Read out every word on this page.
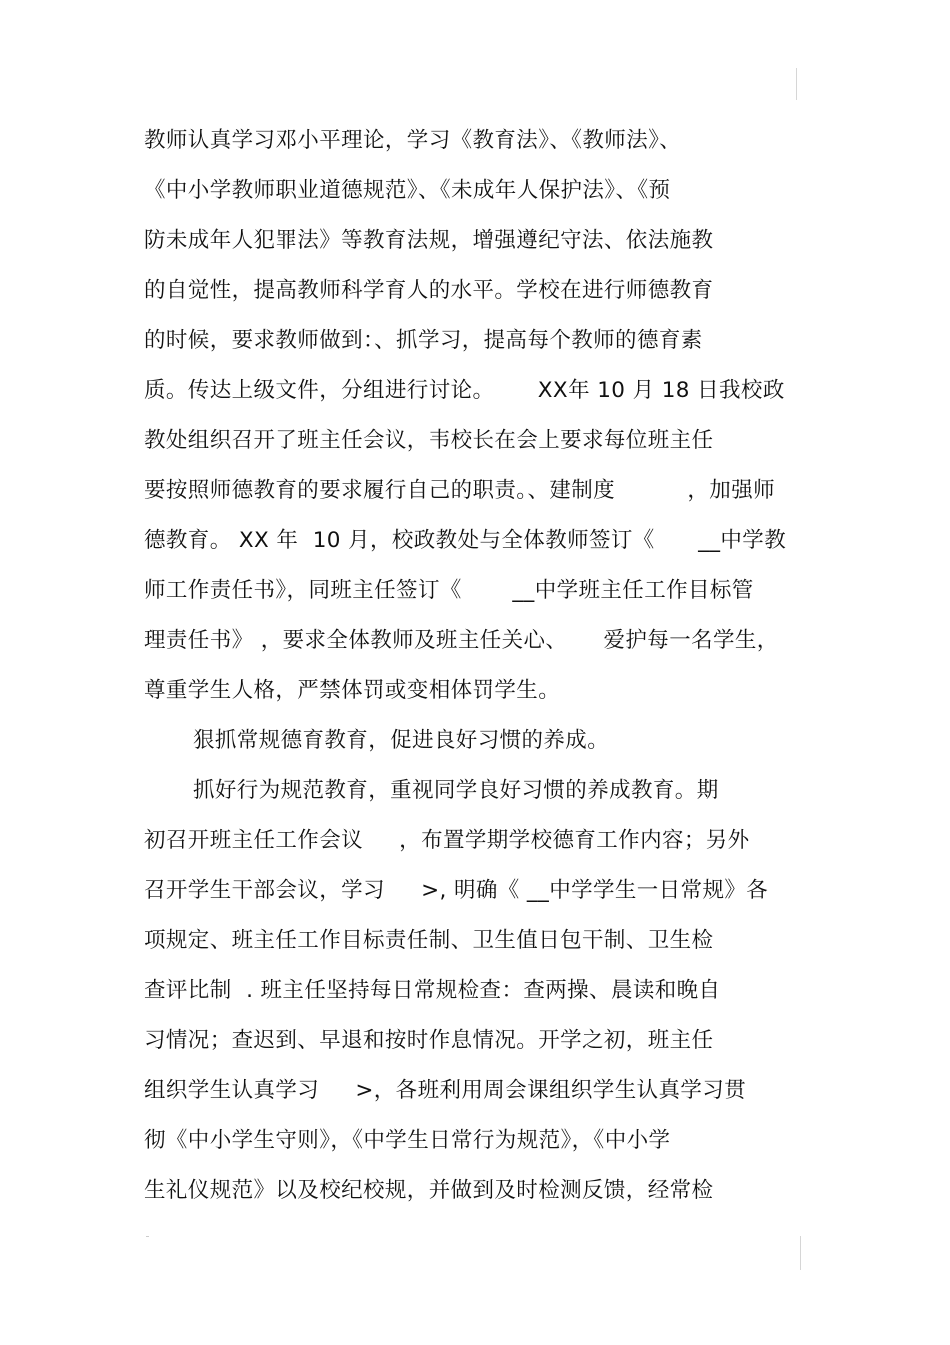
教师认真学习邓小平理论，学习《教育法》、《教师法》、
《中小学教师职业道德规范》、《未成年人保护法》、《预
防未成年人犯罪法》等教育法规，增强遵纪守法、依法施教
的自觉性，提高教师科学育人的水平。学校在进行师德教育
的时候，要求教师做到：、抓学习，提高每个教师的德育素
质。传达上级文件，分组进行讨论。      XX年 10 月 18 日我校政
教处组织召开了班主任会议，韦校长在会上要求每位班主任
要按照师德教育的要求履行自己的职责。、建制度          ，加强师
德教育。 XX 年  10 月，校政教处与全体教师签订《      __中学教
师工作责任书》，同班主任签订《       __中学班主任工作目标管
理责任书》 ，要求全体教师及班主任关心、     爱护每一名学生，
尊重学生人格，严禁体罚或变相体罚学生。
狠抓常规德育教育，促进良好习惯的养成。
抓好行为规范教育，重视同学良好习惯的养成教育。期
初召开班主任工作会议     ，布置学期学校德育工作内容；另外
召开学生干部会议，学习     >, 明确《 __中学学生一日常规》各
项规定、班主任工作目标责任制、卫生值日包干制、卫生检
查评比制  . 班主任坚持每日常规检查：查两操、晨读和晚自
习情况；查迟到、早退和按时作息情况。开学之初，班主任
组织学生认真学习     >，各班利用周会课组织学生认真学习贯
彻《中小学生守则》，《中学生日常行为规范》，《中小学
生礼仪规范》以及校纪校规，并做到及时检测反馈，经常检
